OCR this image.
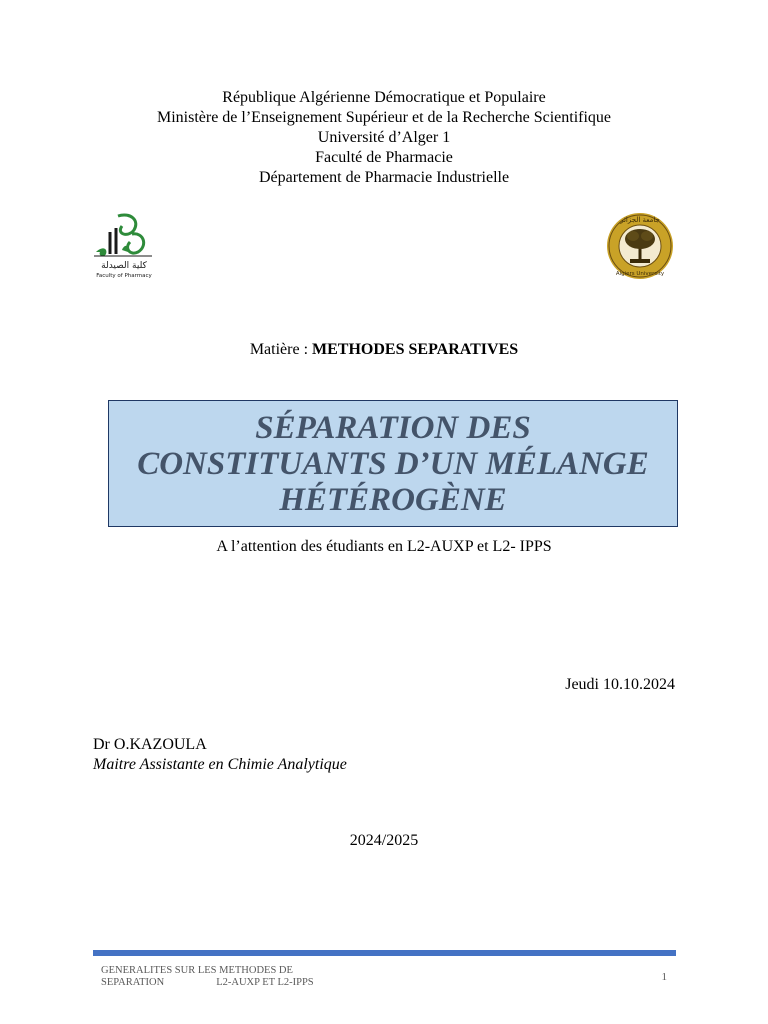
République Algérienne Démocratique et Populaire
Ministère de l’Enseignement Supérieur et de la Recherche Scientifique
Université d’Alger 1
Faculté de Pharmacie
Département de Pharmacie Industrielle
كلية الصيدلة
Faculty of Pharmacy
جامعة الجزائر
Algiers University
Matière : METHODES SEPARATIVES
SÉPARATION DES
CONSTITUANTS D’UN MÉLANGE
HÉTÉROGÈNE
A l’attention des étudiants en L2-AUXP et L2- IPPS
Jeudi 10.10.2024
Dr O.KAZOULA
Maitre Assistante en Chimie Analytique
2024/2025
GENERALITES SUR LES METHODES DE
SEPARATION	L2-AUXP ET L2-IPPS	1
